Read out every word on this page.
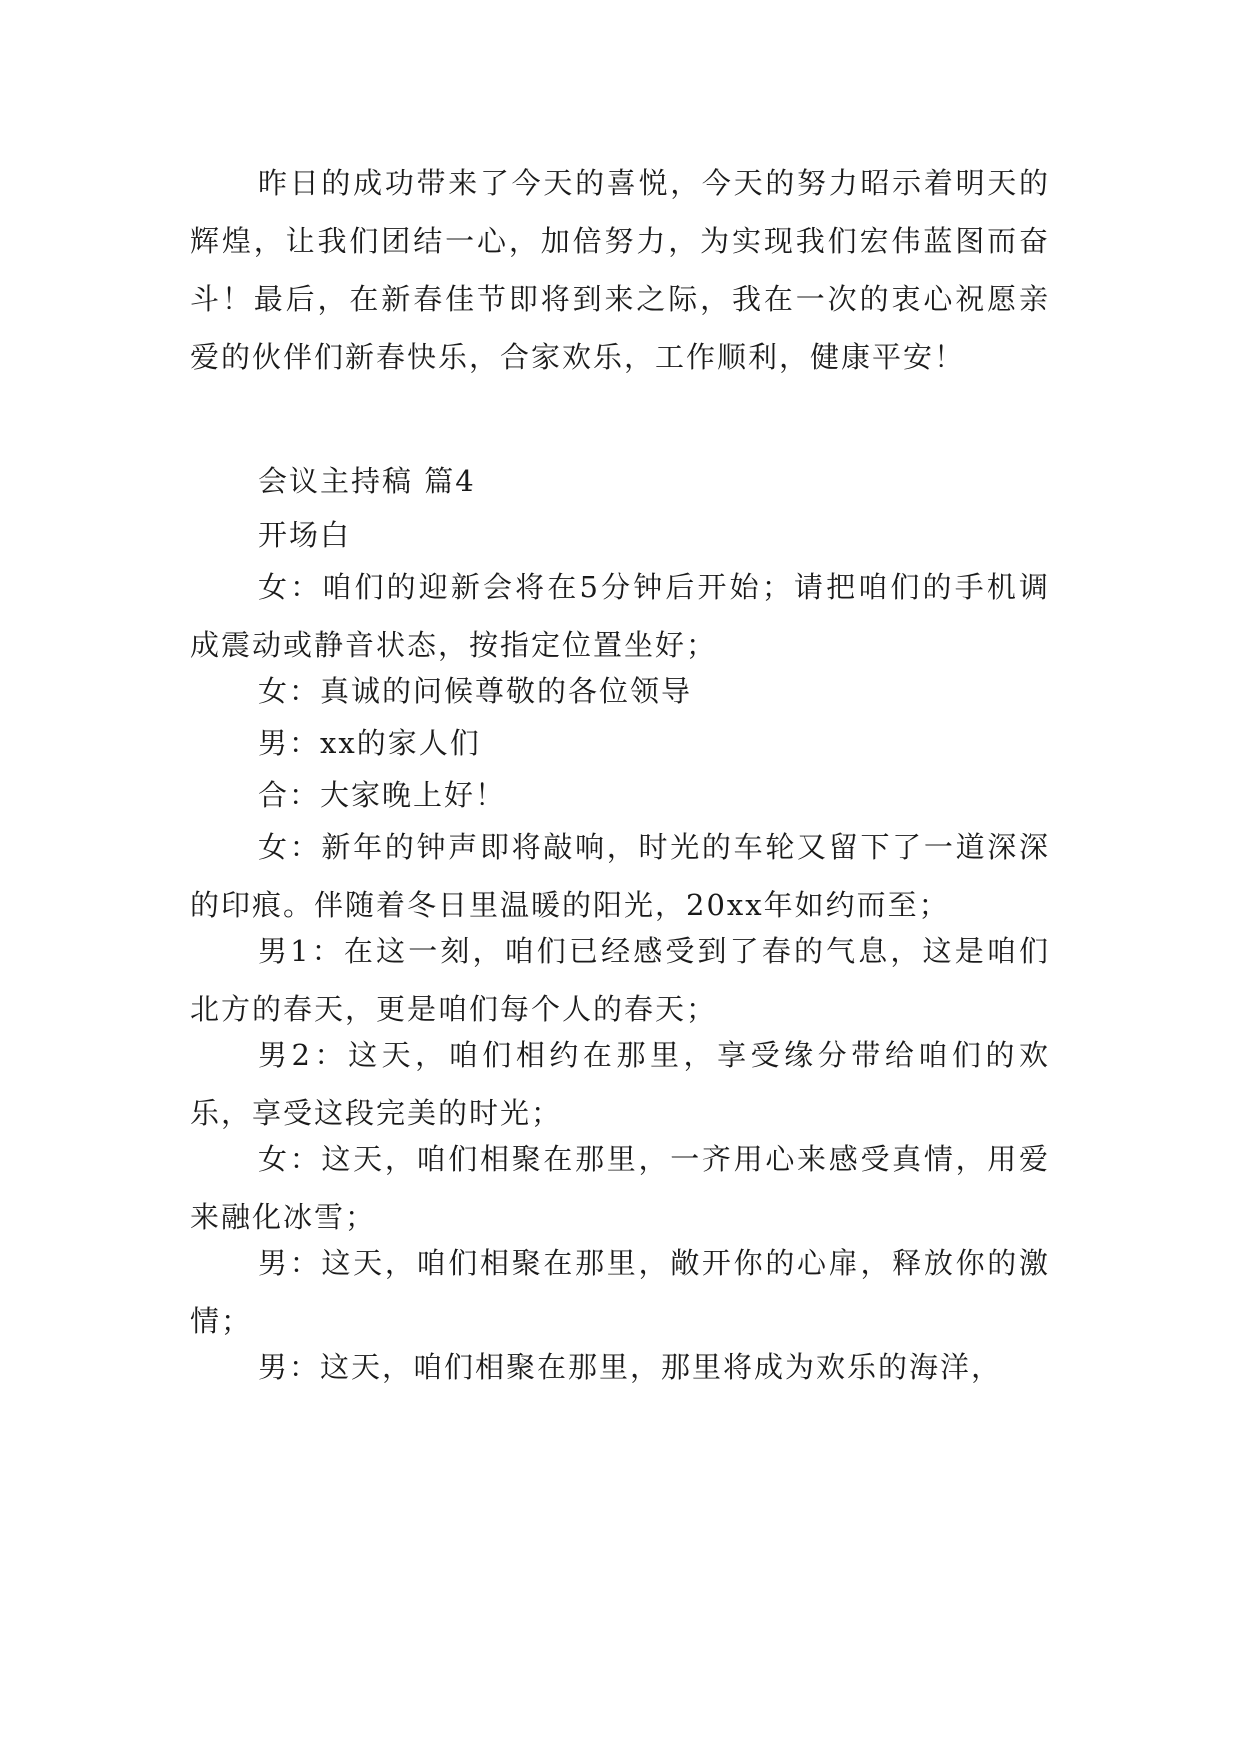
昨日的成功带来了今天的喜悦，今天的努力昭示着明天的辉煌，让我们团结一心，加倍努力，为实现我们宏伟蓝图而奋斗！最后，在新春佳节即将到来之际，我在一次的衷心祝愿亲爱的伙伴们新春快乐，合家欢乐，工作顺利，健康平安！

会议主持稿 篇4

开场白

女：咱们的迎新会将在5分钟后开始；请把咱们的手机调成震动或静音状态，按指定位置坐好；

女：真诚的问候尊敬的各位领导

男：xx的家人们

合：大家晚上好！

女：新年的钟声即将敲响，时光的车轮又留下了一道深深的印痕。伴随着冬日里温暖的阳光，20xx年如约而至；

男1：在这一刻，咱们已经感受到了春的气息，这是咱们北方的春天，更是咱们每个人的春天；

男2：这天，咱们相约在那里，享受缘分带给咱们的欢乐，享受这段完美的时光；

女：这天，咱们相聚在那里，一齐用心来感受真情，用爱来融化冰雪；

男：这天，咱们相聚在那里，敞开你的心扉，释放你的激情；

男：这天，咱们相聚在那里，那里将成为欢乐的海洋，
